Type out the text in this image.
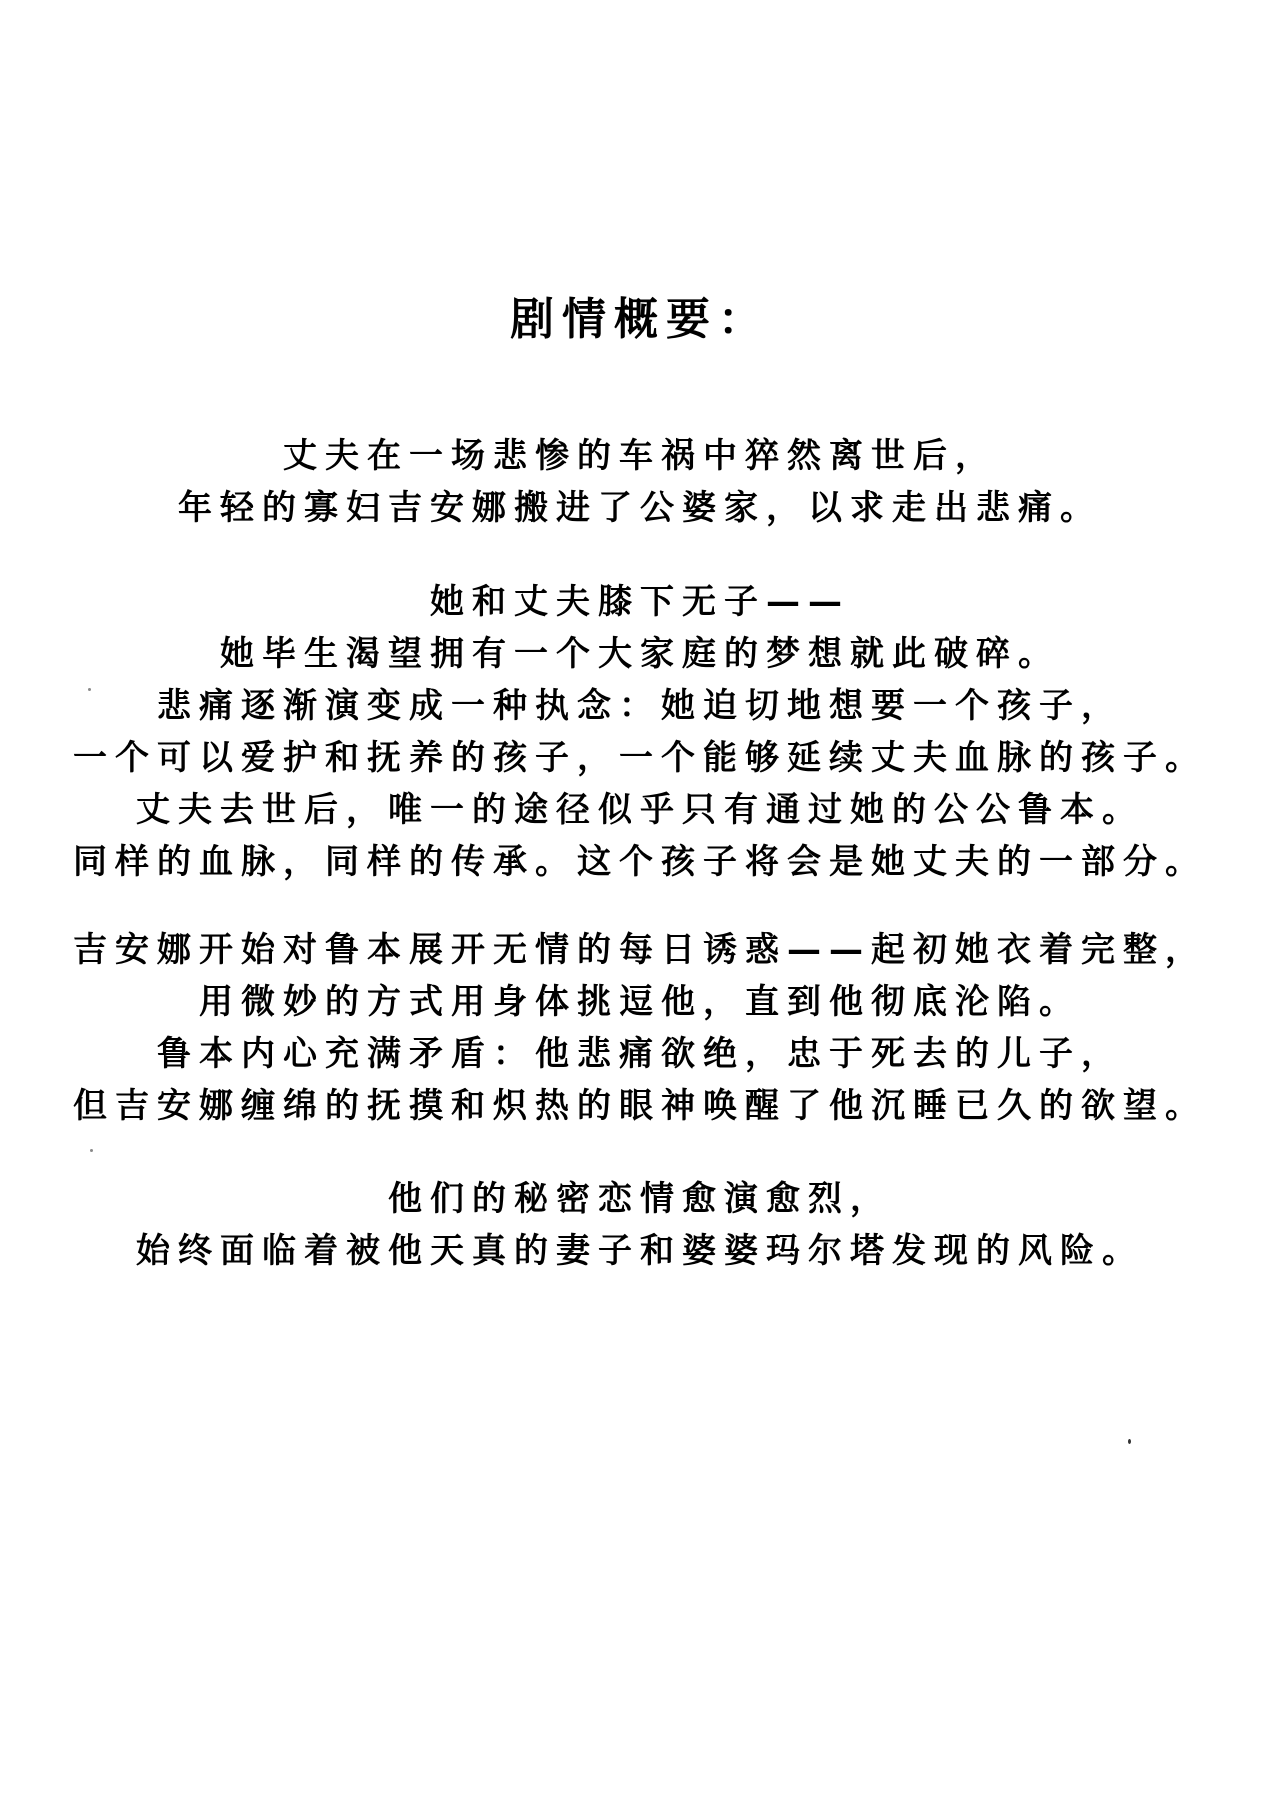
剧情概要：
丈夫在一场悲惨的车祸中猝然离世后，
年轻的寡妇吉安娜搬进了公婆家，以求走出悲痛。
她和丈夫膝下无子——
她毕生渴望拥有一个大家庭的梦想就此破碎。
悲痛逐渐演变成一种执念：她迫切地想要一个孩子，
一个可以爱护和抚养的孩子，一个能够延续丈夫血脉的孩子。
丈夫去世后，唯一的途径似乎只有通过她的公公鲁本。
同样的血脉，同样的传承。这个孩子将会是她丈夫的一部分。
吉安娜开始对鲁本展开无情的每日诱惑——起初她衣着完整，
用微妙的方式用身体挑逗他，直到他彻底沦陷。
鲁本内心充满矛盾：他悲痛欲绝，忠于死去的儿子，
但吉安娜缠绵的抚摸和炽热的眼神唤醒了他沉睡已久的欲望。
他们的秘密恋情愈演愈烈，
始终面临着被他天真的妻子和婆婆玛尔塔发现的风险。
